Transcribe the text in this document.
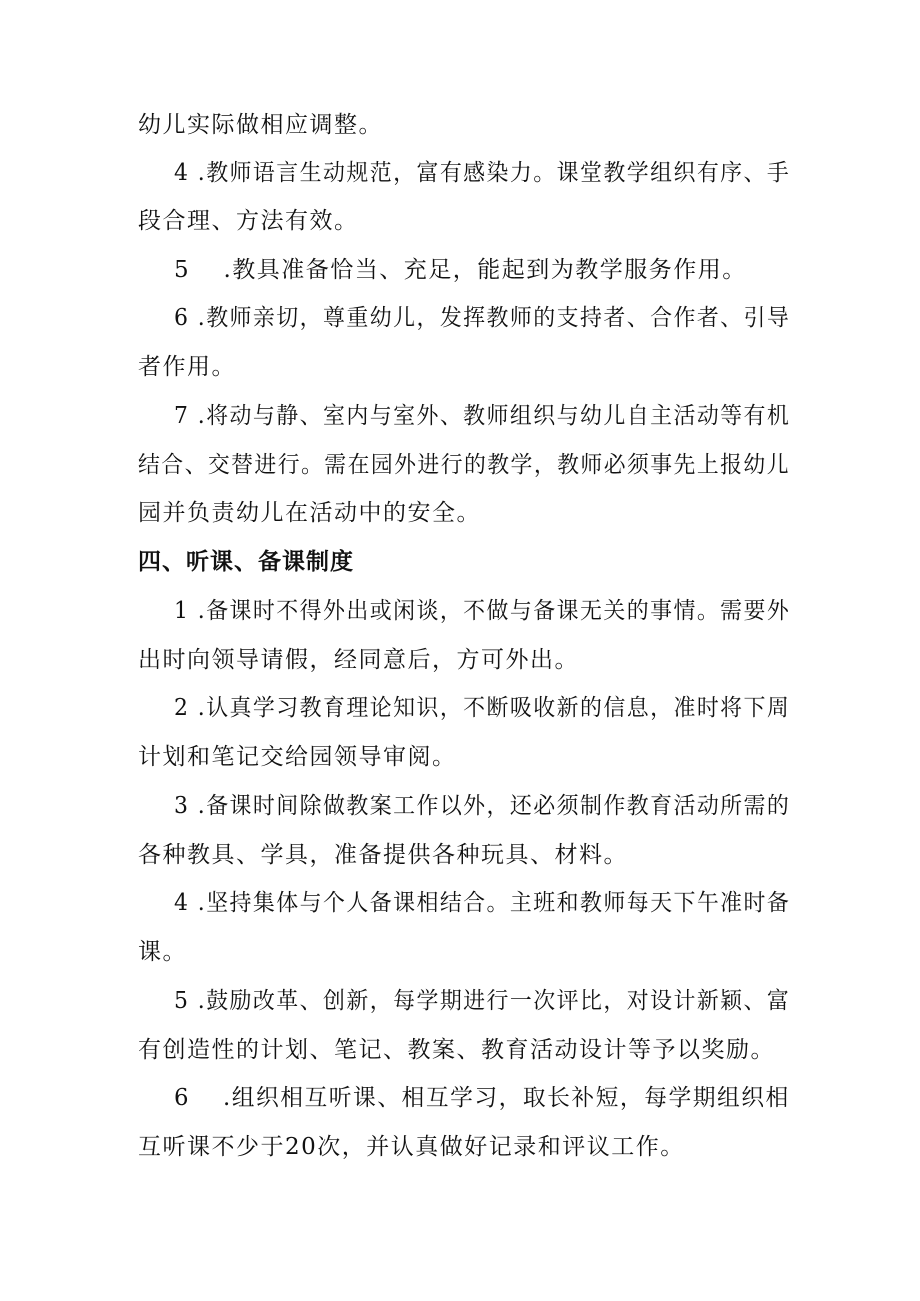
幼儿实际做相应调整。
4 .教师语言生动规范，富有感染力。课堂教学组织有序、手
段合理、方法有效。
5　 .教具准备恰当、充足，能起到为教学服务作用。
6 .教师亲切，尊重幼儿，发挥教师的支持者、合作者、引导
者作用。
7 .将动与静、室内与室外、教师组织与幼儿自主活动等有机
结合、交替进行。需在园外进行的教学，教师必须事先上报幼儿
园并负责幼儿在活动中的安全。
四、听课、备课制度
1 .备课时不得外出或闲谈，不做与备课无关的事情。需要外
出时向领导请假，经同意后，方可外出。
2 .认真学习教育理论知识，不断吸收新的信息，准时将下周
计划和笔记交给园领导审阅。
3 .备课时间除做教案工作以外，还必须制作教育活动所需的
各种教具、学具，准备提供各种玩具、材料。
4 .坚持集体与个人备课相结合。主班和教师每天下午准时备
课。
5 .鼓励改革、创新，每学期进行一次评比，对设计新颖、富
有创造性的计划、笔记、教案、教育活动设计等予以奖励。
6　 .组织相互听课、相互学习，取长补短，每学期组织相
互听课不少于20次，并认真做好记录和评议工作。
